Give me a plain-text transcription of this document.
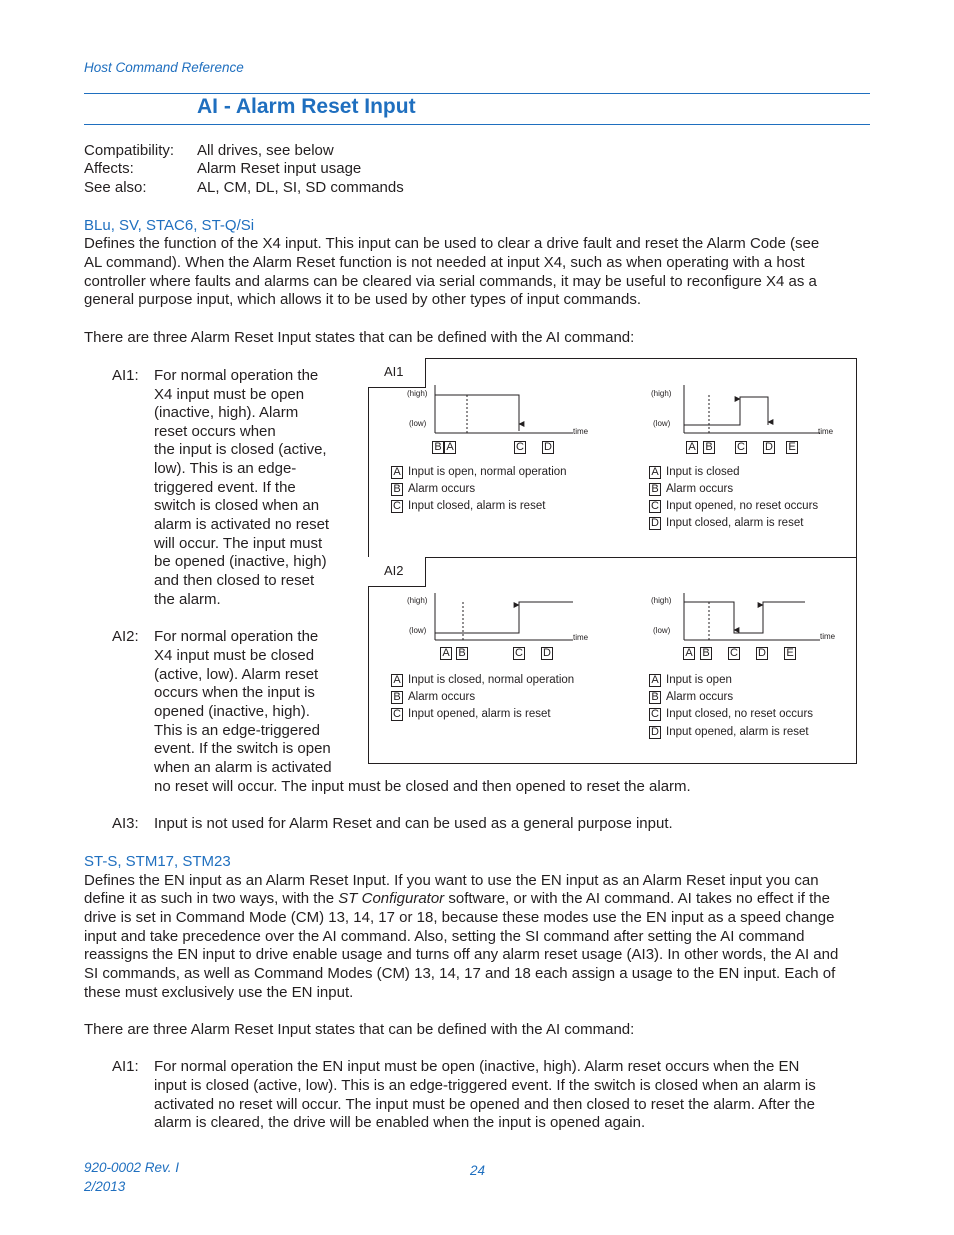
Host Command Reference
AI - Alarm Reset Input
Compatibility: All drives, see below
Affects:	Alarm Reset input usage
See also:	AL, CM, DL, SI, SD commands
BLu, SV, STAC6, ST-Q/Si
Defines the function of the X4 input. This input can be used to clear a drive fault and reset the Alarm Code (see
AL command). When the Alarm Reset function is not needed at input X4, such as when operating with a host
controller where faults and alarms can be cleared via serial commands, it may be useful to reconfigure X4 as a
general purpose input, which allows it to be used by other types of input commands.
There are three Alarm Reset Input states that can be defined with the AI command:
AI1: For normal operation the
X4 input must be open
(inactive, high). Alarm
reset occurs when
the input is closed (active,
low). This is an edge-
triggered event. If the
switch is closed when an
alarm is activated no reset
will occur. The input must
be opened (inactive, high)
and then closed to reset
the alarm.
AI2: For normal operation the
X4 input must be closed
(active, low). Alarm reset
occurs when the input is
opened (inactive, high).
This is an edge-triggered
event. If the switch is open
when an alarm is activated
no reset will occur. The input must be closed and then opened to reset the alarm.
AI3: Input is not used for Alarm Reset and can be used as a general purpose input.
AI1
AI2
(high)
(low)
time
(high)
(low)
time
A
B	C D	A B C D E
A Input is open, normal operation
B Alarm occurs
C Input closed, alarm is reset
A Input is closed
B Alarm occurs
C Input opened, no reset occurs
D Input closed, alarm is reset
(high)
(low)
time
(high)
(low)
time
A B	C D	A B C D E
A Input is closed, normal operation
B Alarm occurs
C Input opened, alarm is reset
A Input is open
B Alarm occurs
C Input closed, no reset occurs
D Input opened, alarm is reset
ST-S, STM17, STM23
Defines the EN input as an Alarm Reset Input. If you want to use the EN input as an Alarm Reset input you can
define it as such in two ways, with the ST Configurator software, or with the AI command. AI takes no effect if the
drive is set in Command Mode (CM) 13, 14, 17 or 18, because these modes use the EN input as a speed change
input and take precedence over the AI command. Also, setting the SI command after setting the AI command
reassigns the EN input to drive enable usage and turns off any alarm reset usage (AI3). In other words, the AI and
SI commands, as well as Command Modes (CM) 13, 14, 17 and 18 each assign a usage to the EN input. Each of
these must exclusively use the EN input.
There are three Alarm Reset Input states that can be defined with the AI command:
AI1: For normal operation the EN input must be open (inactive, high). Alarm reset occurs when the EN
input is closed (active, low). This is an edge-triggered event. If the switch is closed when an alarm is
activated no reset will occur. The input must be opened and then closed to reset the alarm. After the
alarm is cleared, the drive will be enabled when the input is opened again.
920-0002 Rev. I
2/2013
24
